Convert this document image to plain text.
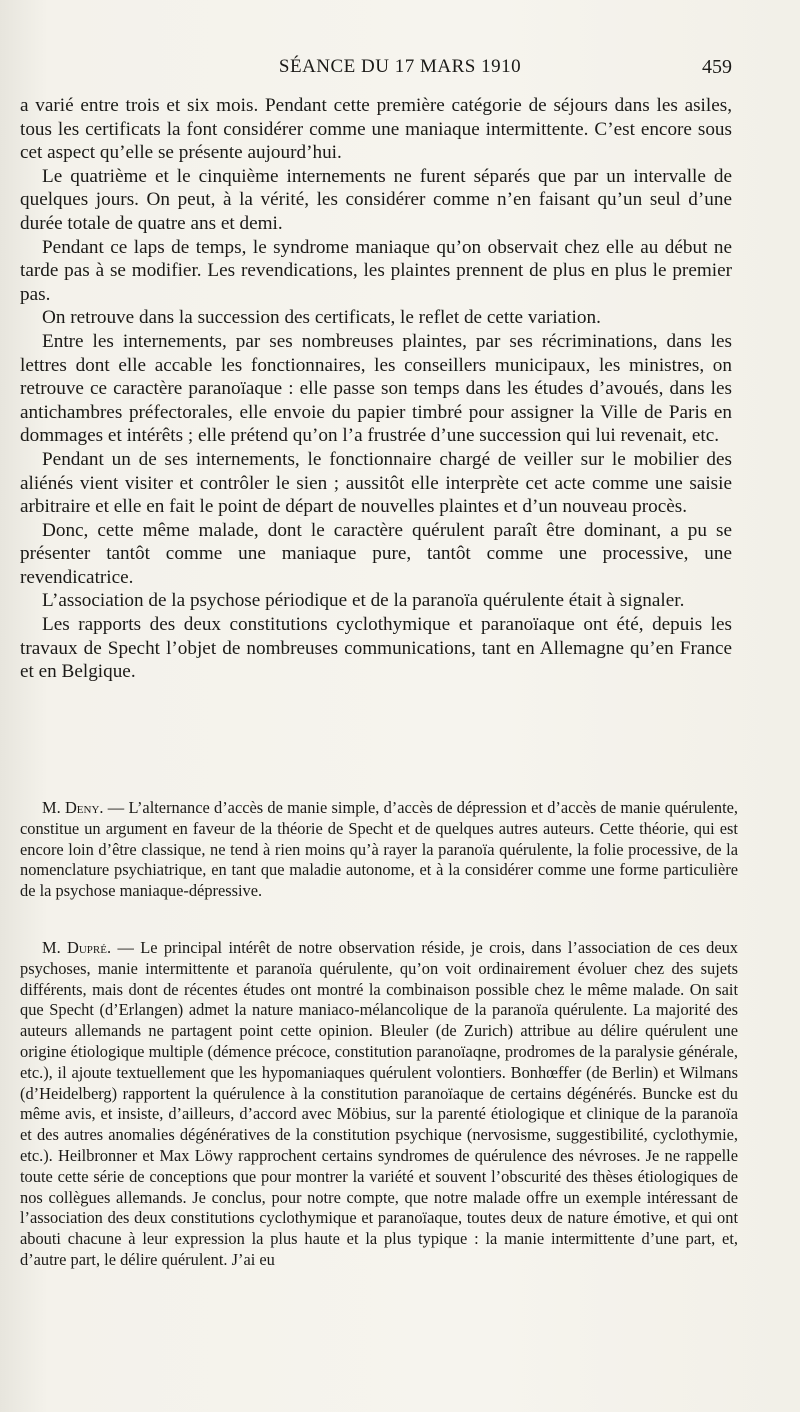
SÉANCE DU 17 MARS 1910	459

a varié entre trois et six mois. Pendant cette première catégorie de séjours dans les asiles, tous les certificats la font considérer comme une maniaque intermittente. C’est encore sous cet aspect qu’elle se présente aujourd’hui.

Le quatrième et le cinquième internements ne furent séparés que par un intervalle de quelques jours. On peut, à la vérité, les considérer comme n’en faisant qu’un seul d’une durée totale de quatre ans et demi.

Pendant ce laps de temps, le syndrome maniaque qu’on observait chez elle au début ne tarde pas à se modifier. Les revendications, les plaintes prennent de plus en plus le premier pas.

On retrouve dans la succession des certificats, le reflet de cette variation.

Entre les internements, par ses nombreuses plaintes, par ses récriminations, dans les lettres dont elle accable les fonctionnaires, les conseillers municipaux, les ministres, on retrouve ce caractère paranoïaque : elle passe son temps dans les études d’avoués, dans les antichambres préfectorales, elle envoie du papier timbré pour assigner la Ville de Paris en dommages et intérêts ; elle prétend qu’on l’a frustrée d’une succession qui lui revenait, etc.

Pendant un de ses internements, le fonctionnaire chargé de veiller sur le mobilier des aliénés vient visiter et contrôler le sien ; aussitôt elle interprète cet acte comme une saisie arbitraire et elle en fait le point de départ de nouvelles plaintes et d’un nouveau procès.

Donc, cette même malade, dont le caractère quérulent paraît être dominant, a pu se présenter tantôt comme une maniaque pure, tantôt comme une processive, une revendicatrice.

L’association de la psychose périodique et de la paranoïa quérulente était à signaler.

Les rapports des deux constitutions cyclothymique et paranoïaque ont été, depuis les travaux de Specht l’objet de nombreuses communications, tant en Allemagne qu’en France et en Belgique.

M. Deny. — L’alternance d’accès de manie simple, d’accès de dépression et d’accès de manie quérulente, constitue un argument en faveur de la théorie de Specht et de quelques autres auteurs. Cette théorie, qui est encore loin d’être classique, ne tend à rien moins qu’à rayer la paranoïa quérulente, la folie processive, de la nomenclature psychiatrique, en tant que maladie autonome, et à la considérer comme une forme particulière de la psychose maniaque-dépressive.

M. Dupré. — Le principal intérêt de notre observation réside, je crois, dans l’association de ces deux psychoses, manie intermittente et paranoïa quérulente, qu’on voit ordinairement évoluer chez des sujets différents, mais dont de récentes études ont montré la combinaison possible chez le même malade. On sait que Specht (d’Erlangen) admet la nature maniaco-mélancolique de la paranoïa quérulente. La majorité des auteurs allemands ne partagent point cette opinion. Bleuler (de Zurich) attribue au délire quérulent une origine étiologique multiple (démence précoce, constitution paranoïaqne, prodromes de la paralysie générale, etc.), il ajoute textuellement que les hypomaniaques quérulent volontiers. Bonhœffer (de Berlin) et Wilmans (d’Heidelberg) rapportent la quérulence à la constitution paranoïaque de certains dégénérés. Buncke est du même avis, et insiste, d’ailleurs, d’accord avec Möbius, sur la parenté étiologique et clinique de la paranoïa et des autres anomalies dégénératives de la constitution psychique (nervosisme, suggestibilité, cyclothymie, etc.). Heilbronner et Max Löwy rapprochent certains syndromes de quérulence des névroses. Je ne rappelle toute cette série de conceptions que pour montrer la variété et souvent l’obscurité des thèses étiologiques de nos collègues allemands. Je conclus, pour notre compte, que notre malade offre un exemple intéressant de l’association des deux constitutions cyclothymique et paranoïaque, toutes deux de nature émotive, et qui ont abouti chacune à leur expression la plus haute et la plus typique : la manie intermittente d’une part, et, d’autre part, le délire quérulent. J’ai eu
